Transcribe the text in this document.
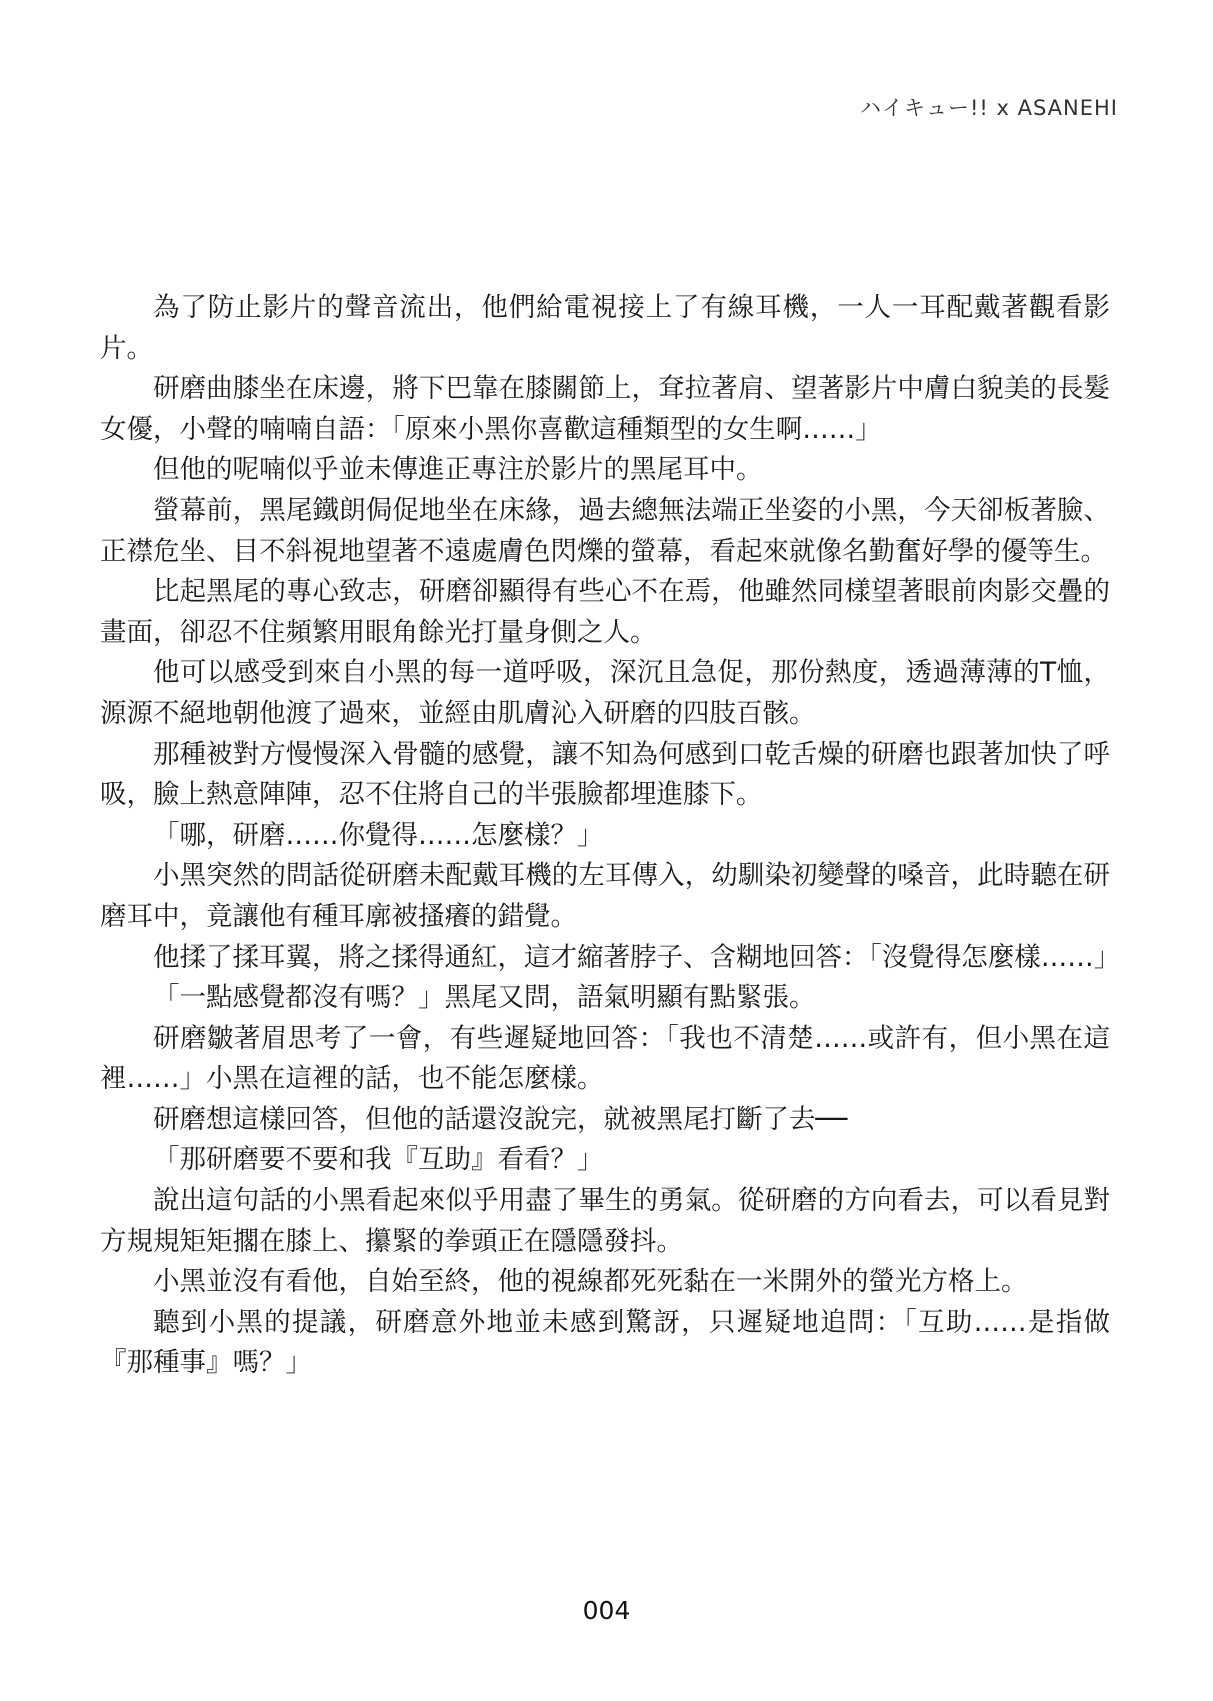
ハイキュー!! x ASANEHI

為了防止影片的聲音流出，他們給電視接上了有線耳機，一人一耳配戴著觀看影片。

研磨曲膝坐在床邊，將下巴靠在膝關節上，耷拉著肩、望著影片中膚白貌美的長髮女優，小聲的喃喃自語：「原來小黑你喜歡這種類型的女生啊……」

但他的呢喃似乎並未傳進正專注於影片的黑尾耳中。

螢幕前，黑尾鐵朗侷促地坐在床緣，過去總無法端正坐姿的小黑，今天卻板著臉、正襟危坐、目不斜視地望著不遠處膚色閃爍的螢幕，看起來就像名勤奮好學的優等生。

比起黑尾的專心致志，研磨卻顯得有些心不在焉，他雖然同樣望著眼前肉影交疊的畫面，卻忍不住頻繁用眼角餘光打量身側之人。

他可以感受到來自小黑的每一道呼吸，深沉且急促，那份熱度，透過薄薄的T恤，源源不絕地朝他渡了過來，並經由肌膚沁入研磨的四肢百骸。

那種被對方慢慢深入骨髓的感覺，讓不知為何感到口乾舌燥的研磨也跟著加快了呼吸，臉上熱意陣陣，忍不住將自己的半張臉都埋進膝下。

「哪，研磨……你覺得……怎麼樣？」

小黑突然的問話從研磨未配戴耳機的左耳傳入，幼馴染初變聲的嗓音，此時聽在研磨耳中，竟讓他有種耳廓被搔癢的錯覺。

他揉了揉耳翼，將之揉得通紅，這才縮著脖子、含糊地回答：「沒覺得怎麼樣……」

「一點感覺都沒有嗎？」黑尾又問，語氣明顯有點緊張。

研磨皺著眉思考了一會，有些遲疑地回答：「我也不清楚……或許有，但小黑在這裡……」小黑在這裡的話，也不能怎麼樣。

研磨想這樣回答，但他的話還沒說完，就被黑尾打斷了去──

「那研磨要不要和我『互助』看看？」

說出這句話的小黑看起來似乎用盡了畢生的勇氣。從研磨的方向看去，可以看見對方規規矩矩擱在膝上、攥緊的拳頭正在隱隱發抖。

小黑並沒有看他，自始至終，他的視線都死死黏在一米開外的螢光方格上。

聽到小黑的提議，研磨意外地並未感到驚訝，只遲疑地追問：「互助……是指做『那種事』嗎？」

004
